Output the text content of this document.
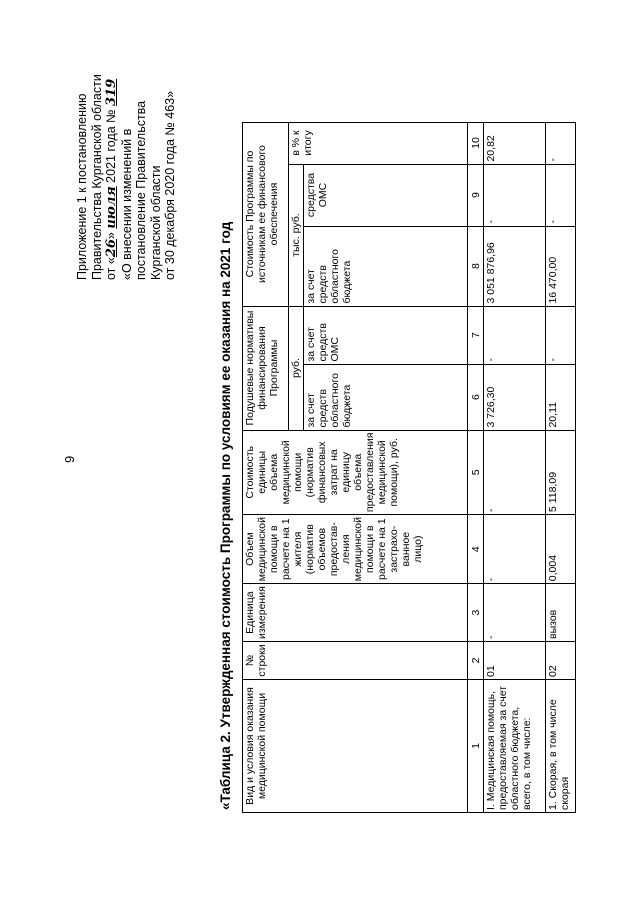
9
Приложение 1 к постановлению Правительства Курганской области от «26» июля 2021 года № 319
«О внесении изменений в постановление Правительства Курганской области от 30 декабря 2020 года № 463»
«Таблица 2. Утвержденная стоимость Программы по условиям ее оказания на 2021 год Вид и условия оказания медицинской помощи	№ строки	Единица измерения	Объем медицинской помощи в расчете на 1 жителя (норматив объемов предостав-ления медицинской помощи в расчете на 1 застрахо-ванное лицо)	Стоимость единицы объема медицинской помощи (норматив финансовых затрат на единицу объема предоставления медицинской помощи), руб.	Подушевые нормативы финансирования Программы		Стоимость Программы по источникам ее финансового обеспечения		
					руб.		тыс. руб.		в % к итогу
					за счет средств областного бюджета	за счет средств ОМС	за счет средств областного бюджета	средства ОМС	
1	2	3	4	5	6	7	8	9	10
I. Медицинская помощь, предоставляемая за счет областного бюджета, всего, в том числе:	01	-	-	-	3 726,30	-	3 051 876,96	-	20,82
1. Скорая, в том числе скорая	02	вызов	0,004	5 118,09	20,11	-	16 470,00	-	-
